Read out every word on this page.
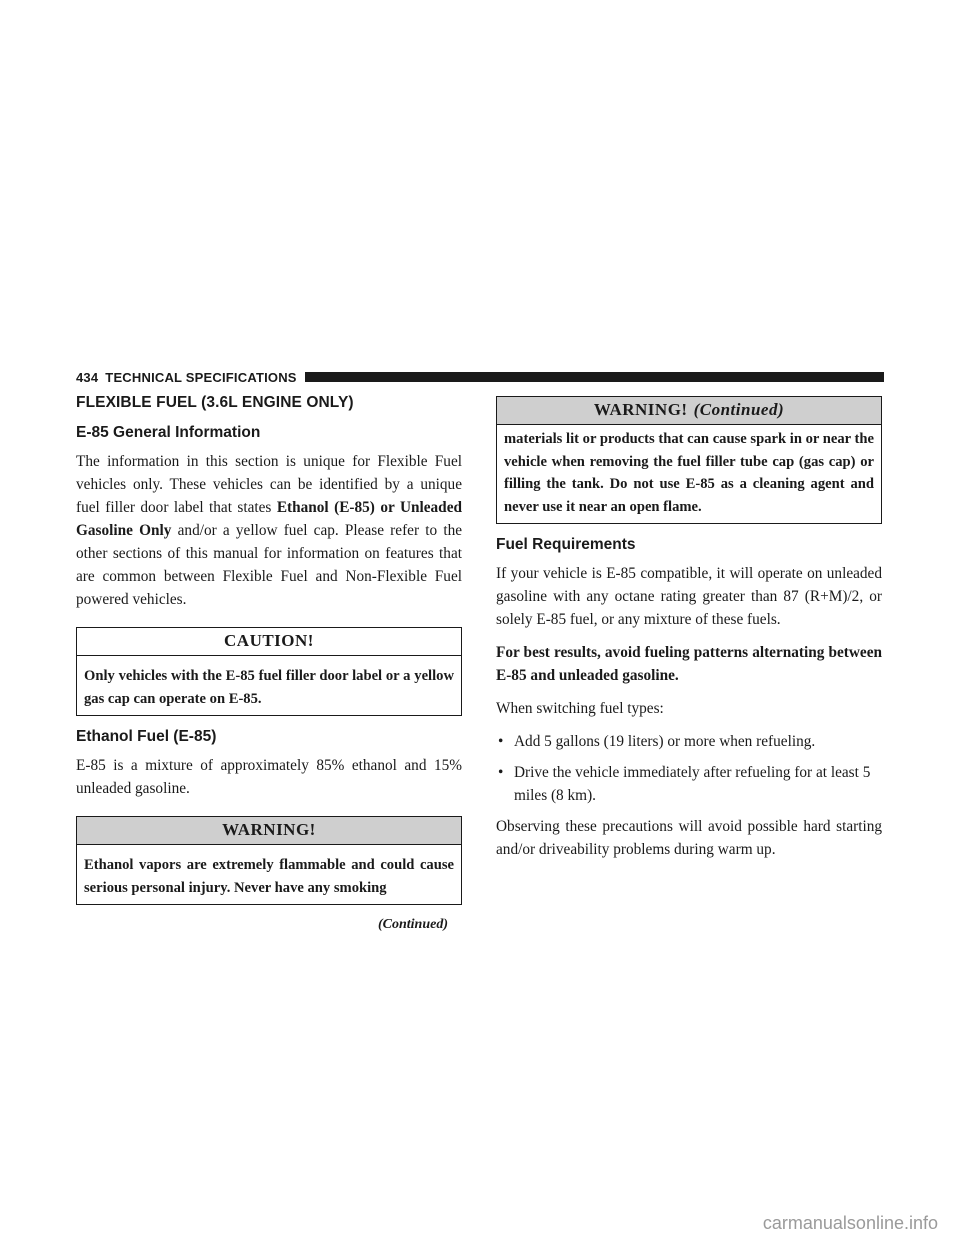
434 TECHNICAL SPECIFICATIONS
FLEXIBLE FUEL (3.6L ENGINE ONLY)
E-85 General Information

The information in this section is unique for Flexible Fuel vehicles only. These vehicles can be identified by a unique fuel filler door label that states Ethanol (E-85) or Unleaded Gasoline Only and/or a yellow fuel cap. Please refer to the other sections of this manual for information on features that are common between Flexible Fuel and Non-Flexible Fuel powered vehicles.

CAUTION!
Only vehicles with the E-85 fuel filler door label or a yellow gas cap can operate on E-85.
Ethanol Fuel (E-85)

E-85 is a mixture of approximately 85% ethanol and 15% unleaded gasoline.

WARNING!
Ethanol vapors are extremely flammable and could cause serious personal injury. Never have any smoking
(Continued)
WARNING! (Continued)
materials lit or products that can cause spark in or near the vehicle when removing the fuel filler tube cap (gas cap) or filling the tank. Do not use E-85 as a cleaning agent and never use it near an open flame.
Fuel Requirements

If your vehicle is E-85 compatible, it will operate on unleaded gasoline with any octane rating greater than 87 (R+M)/2, or solely E-85 fuel, or any mixture of these fuels.

For best results, avoid fueling patterns alternating between E-85 and unleaded gasoline.

When switching fuel types:

• Add 5 gallons (19 liters) or more when refueling.
• Drive the vehicle immediately after refueling for at least 5 miles (8 km).

Observing these precautions will avoid possible hard starting and/or driveability problems during warm up.

carmanualsonline.info
